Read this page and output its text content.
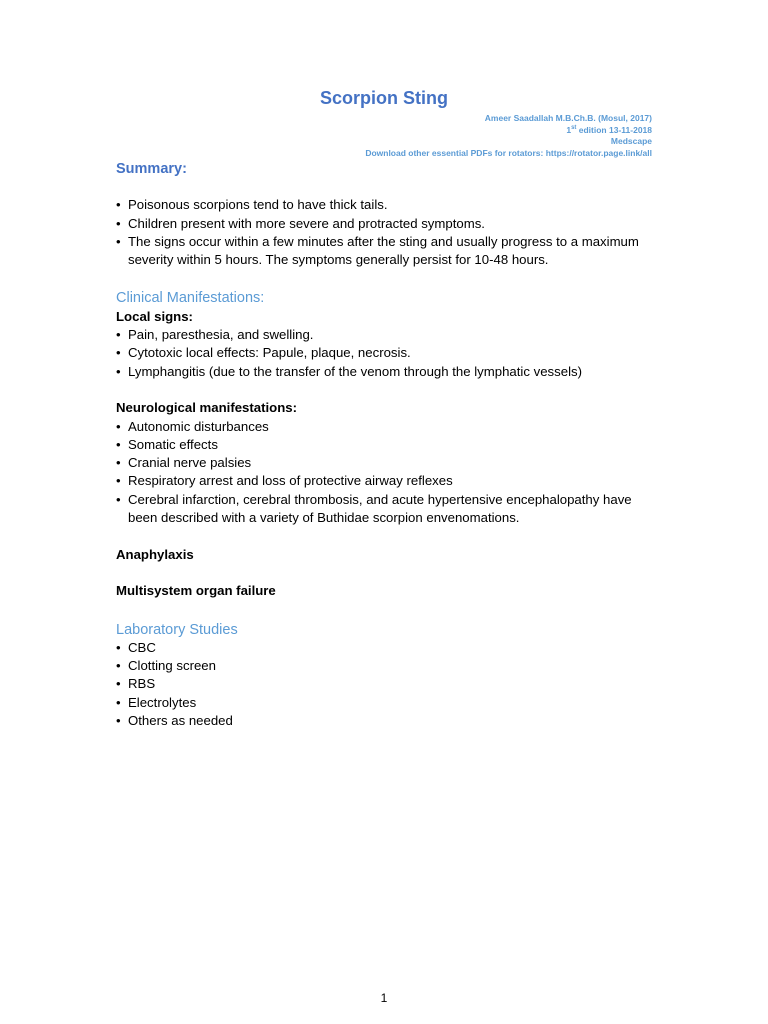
Scorpion Sting
Ameer Saadallah M.B.Ch.B. (Mosul, 2017)
1st edition 13-11-2018
Medscape
Download other essential PDFs for rotators: https://rotator.page.link/all
Summary:
• Poisonous scorpions tend to have thick tails.
• Children present with more severe and protracted symptoms.
• The signs occur within a few minutes after the sting and usually progress to a maximum severity within 5 hours. The symptoms generally persist for 10-48 hours.
Clinical Manifestations:
Local signs:
• Pain, paresthesia, and swelling.
• Cytotoxic local effects: Papule, plaque, necrosis.
• Lymphangitis (due to the transfer of the venom through the lymphatic vessels)
Neurological manifestations:
• Autonomic disturbances
• Somatic effects
• Cranial nerve palsies
• Respiratory arrest and loss of protective airway reflexes
• Cerebral infarction, cerebral thrombosis, and acute hypertensive encephalopathy have been described with a variety of Buthidae scorpion envenomations.
Anaphylaxis
Multisystem organ failure
Laboratory Studies
• CBC
• Clotting screen
• RBS
• Electrolytes
• Others as needed
1
